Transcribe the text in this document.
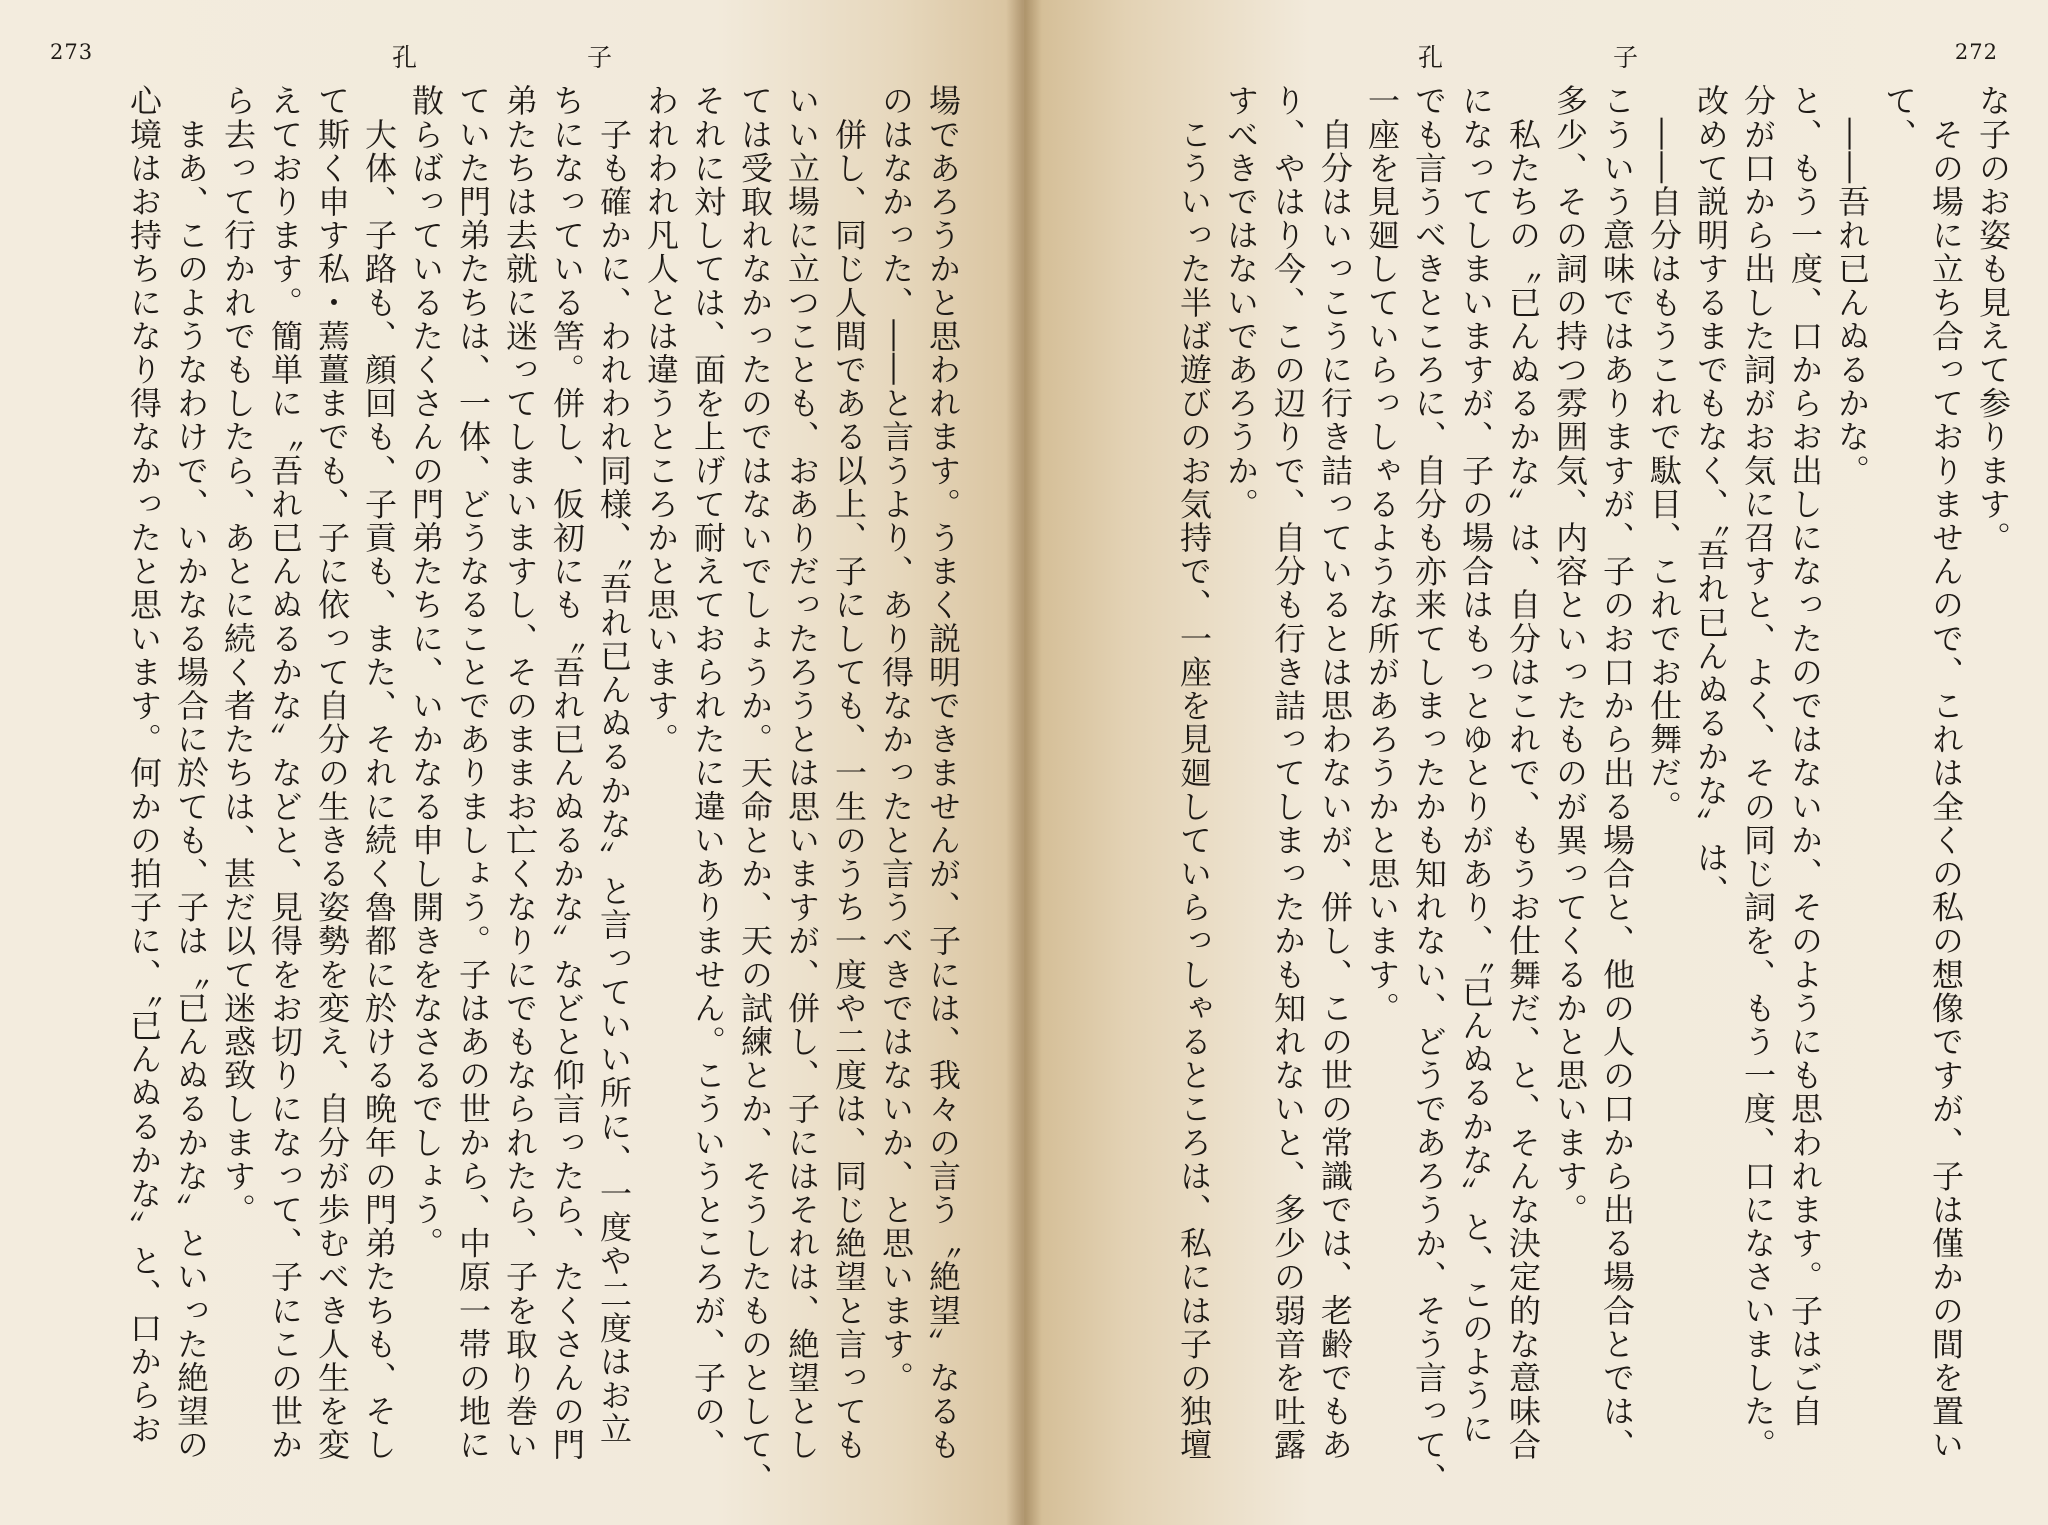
273	孔	子

場であろうかと思われます。うまく説明できませんが、子には、我々の言う〝絶望〟なるも

のはなかった、――と言うより、あり得なかったと言うべきではないか、と思います。

　併し、同じ人間である以上、子にしても、一生のうち一度や二度は、同じ絶望と言っても

いい立場に立つことも、おありだったろうとは思いますが、併し、子にはそれは、絶望とし

ては受取れなかったのではないでしょうか。天命とか、天の試練とか、そうしたものとして、

それに対しては、面を上げて耐えておられたに違いありません。こういうところが、子の、

われわれ凡人とは違うところかと思います。

　子も確かに、われわれ同様、〝吾れ已んぬるかな〟と言っていい所に、一度や二度はお立

ちになっている筈。併し、仮初にも〝吾れ已んぬるかな〟などと仰言ったら、たくさんの門

弟たちは去就に迷ってしまいますし、そのままお亡くなりにでもなられたら、子を取り巻い

ていた門弟たちは、一体、どうなることでありましょう。子はあの世から、中原一帯の地に

散らばっているたくさんの門弟たちに、いかなる申し開きをなさるでしょう。

　大体、子路も、顔回も、子貢も、また、それに続く魯都に於ける晩年の門弟たちも、そし

て斯く申す私・蔫薑までも、子に依って自分の生きる姿勢を変え、自分が歩むべき人生を変

えております。簡単に〝吾れ已んぬるかな〟などと、見得をお切りになって、子にこの世か

ら去って行かれでもしたら、あとに続く者たちは、甚だ以て迷惑致します。

　まあ、このようなわけで、いかなる場合に於ても、子は〝已んぬるかな〟といった絶望の

心境はお持ちになり得なかったと思います。何かの拍子に、〝已んぬるかな〟と、口からお

272
孔	子

な子のお姿も見えて参ります。

　その場に立ち合っておりませんので、これは全くの私の想像ですが、子は僅かの間を置い

て、

　――吾れ已んぬるかな。

と、もう一度、口からお出しになったのではないか、そのようにも思われます。子はご自

分が口から出した詞がお気に召すと、よく、その同じ詞を、もう一度、口になさいました。

改めて説明するまでもなく、〝吾れ已んぬるかな〟は、

　――自分はもうこれで駄目、これでお仕舞だ。

こういう意味ではありますが、子のお口から出る場合と、他の人の口から出る場合とでは、

多少、その詞の持つ雰囲気、内容といったものが異ってくるかと思います。

　私たちの〝已んぬるかな〟は、自分はこれで、もうお仕舞だ、と、そんな決定的な意味合

になってしまいますが、子の場合はもっとゆとりがあり、〝已んぬるかな〟と、このように

でも言うべきところに、自分も亦来てしまったかも知れない、どうであろうか、そう言って、

一座を見廻していらっしゃるような所があろうかと思います。

　自分はいっこうに行き詰っているとは思わないが、併し、この世の常識では、老齢でもあ

り、やはり今、この辺りで、自分も行き詰ってしまったかも知れないと、多少の弱音を吐露

すべきではないであろうか。

　こういった半ば遊びのお気持で、一座を見廻していらっしゃるところは、私には子の独壇
